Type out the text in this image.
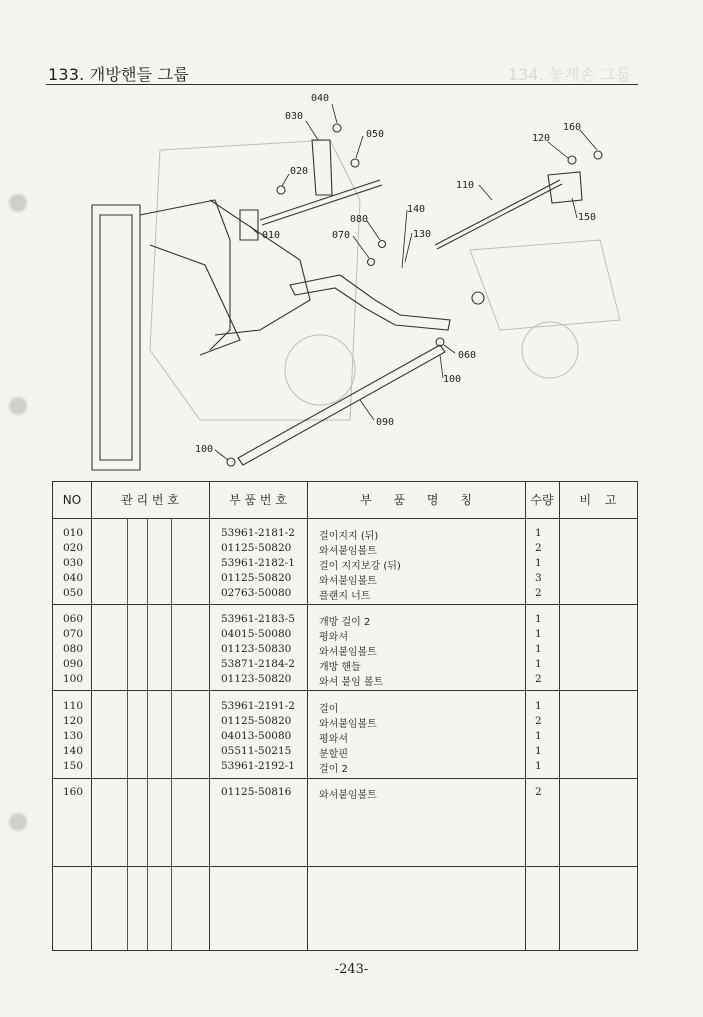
133. 개방핸들 그룹	134. 놓게손 그룹
040
030
050
020
010
080
070
140
130
110
120
160
150
060
100
090
100
NO	관 리 번 호	부 품 번 호	부 품 명 칭	수량	비 고
010	53961-2181-2 걸이지지 (뒤)	1
020	01125-50820	와셔붙임볼트	2
030	53961-2182-1 걸이 지지보강 (뒤)	1
040	01125-50820	와셔붙임볼트	3
050	02763-50080	플랜지 너트	2
060	53961-2183-5 개방 걸이 2	1
070	04015-50080	평와셔	1
080	01123-50830	와셔붙임볼트	1
090	53871-2184-2 개방 핸들	1
100	01123-50820	와셔 붙임 볼트	2
110	53961-2191-2 걸이	1
120	01125-50820	와셔붙임볼트	2
130	04013-50080	평와셔	1
140	05511-50215	분할핀	1
150	53961-2192-1 걸이 2	1
160	01125-50816	와셔붙임볼트	2
-243-
